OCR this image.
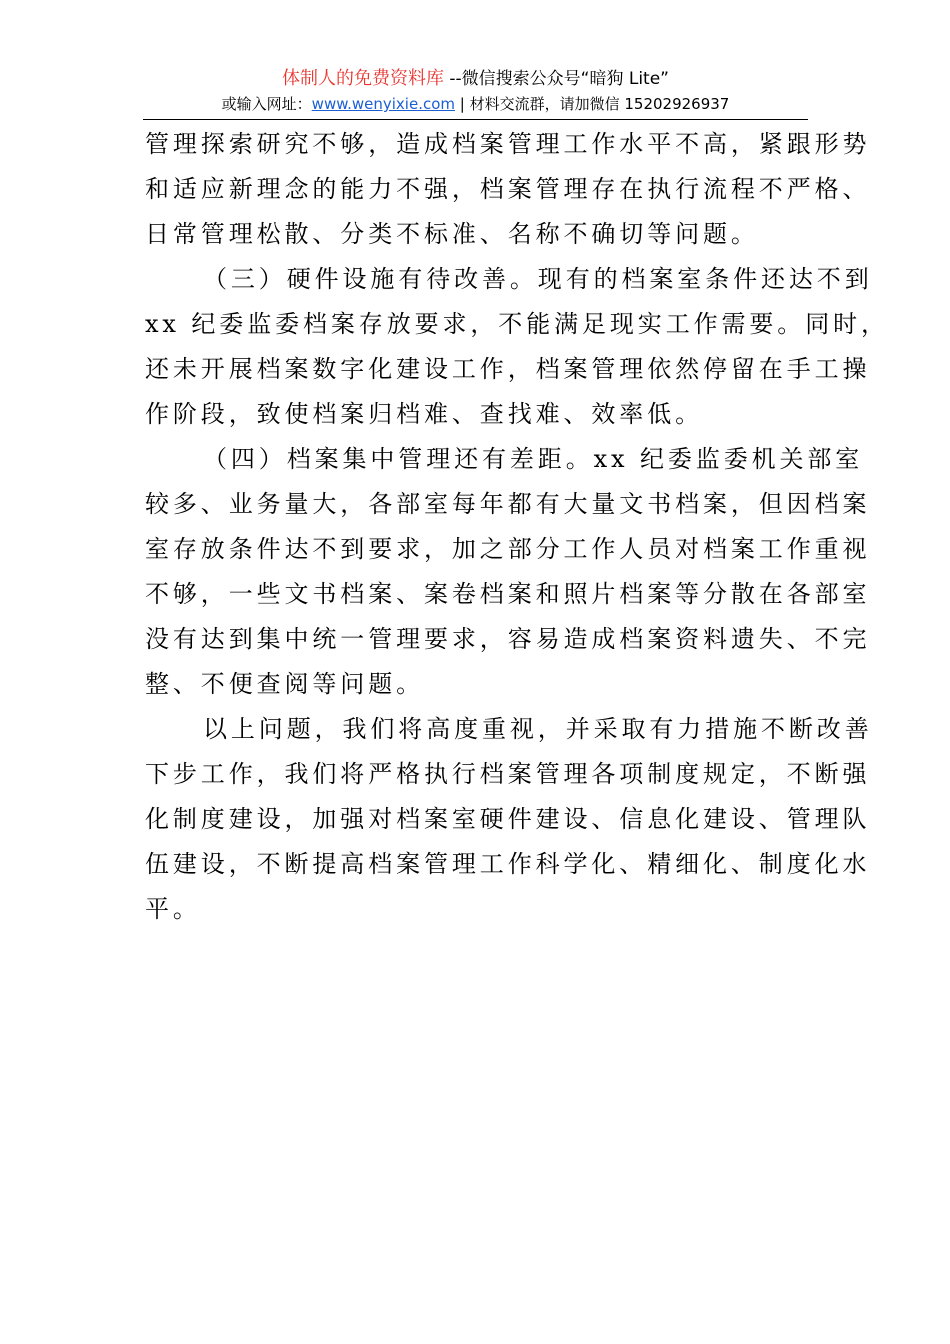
体制人的免费资料库 --微信搜索公众号“暗狗 Lite”
或输入网址：www.wenyixie.com | 材料交流群，请加微信 15202926937
管理探索研究不够，造成档案管理工作水平不高，紧跟形势
和适应新理念的能力不强，档案管理存在执行流程不严格、
日常管理松散、分类不标准、名称不确切等问题。
（三）硬件设施有待改善。现有的档案室条件还达不到
xx 纪委监委档案存放要求，不能满足现实工作需要。同时，
还未开展档案数字化建设工作，档案管理依然停留在手工操
作阶段，致使档案归档难、查找难、效率低。
（四）档案集中管理还有差距。xx 纪委监委机关部室
较多、业务量大，各部室每年都有大量文书档案，但因档案
室存放条件达不到要求，加之部分工作人员对档案工作重视
不够，一些文书档案、案卷档案和照片档案等分散在各部室
没有达到集中统一管理要求，容易造成档案资料遗失、不完
整、不便查阅等问题。
以上问题，我们将高度重视，并采取有力措施不断改善
下步工作，我们将严格执行档案管理各项制度规定，不断强
化制度建设，加强对档案室硬件建设、信息化建设、管理队
伍建设，不断提高档案管理工作科学化、精细化、制度化水
平。
